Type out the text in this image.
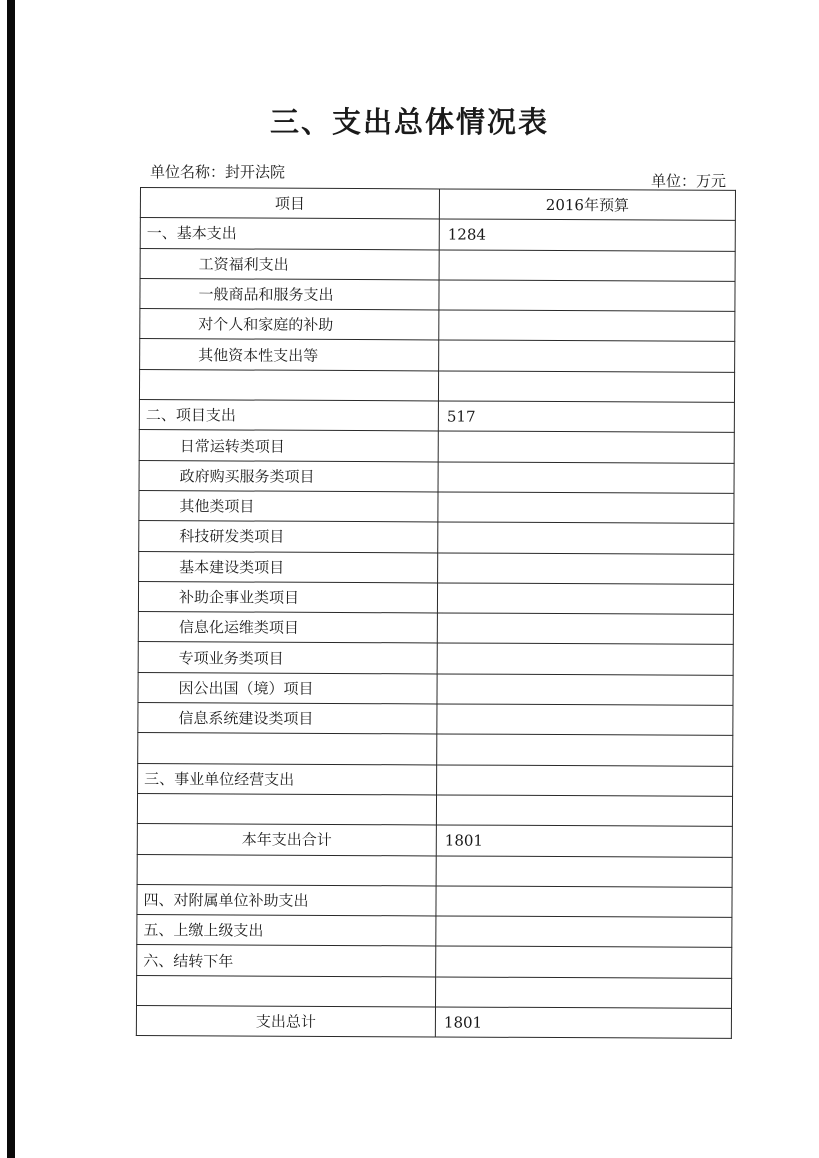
三、支出总体情况表
单位名称：封开法院	单位：万元
项目	2016年预算
一、基本支出	1284
工资福利支出	
一般商品和服务支出	
对个人和家庭的补助	
其他资本性支出等	

二、项目支出	517
日常运转类项目	
政府购买服务类项目	
其他类项目	
科技研发类项目	
基本建设类项目	
补助企事业类项目	
信息化运维类项目	
专项业务类项目	
因公出国（境）项目	
信息系统建设类项目	

三、事业单位经营支出	

本年支出合计	1801

四、对附属单位补助支出	
五、上缴上级支出	
六、结转下年	

支出总计	1801
